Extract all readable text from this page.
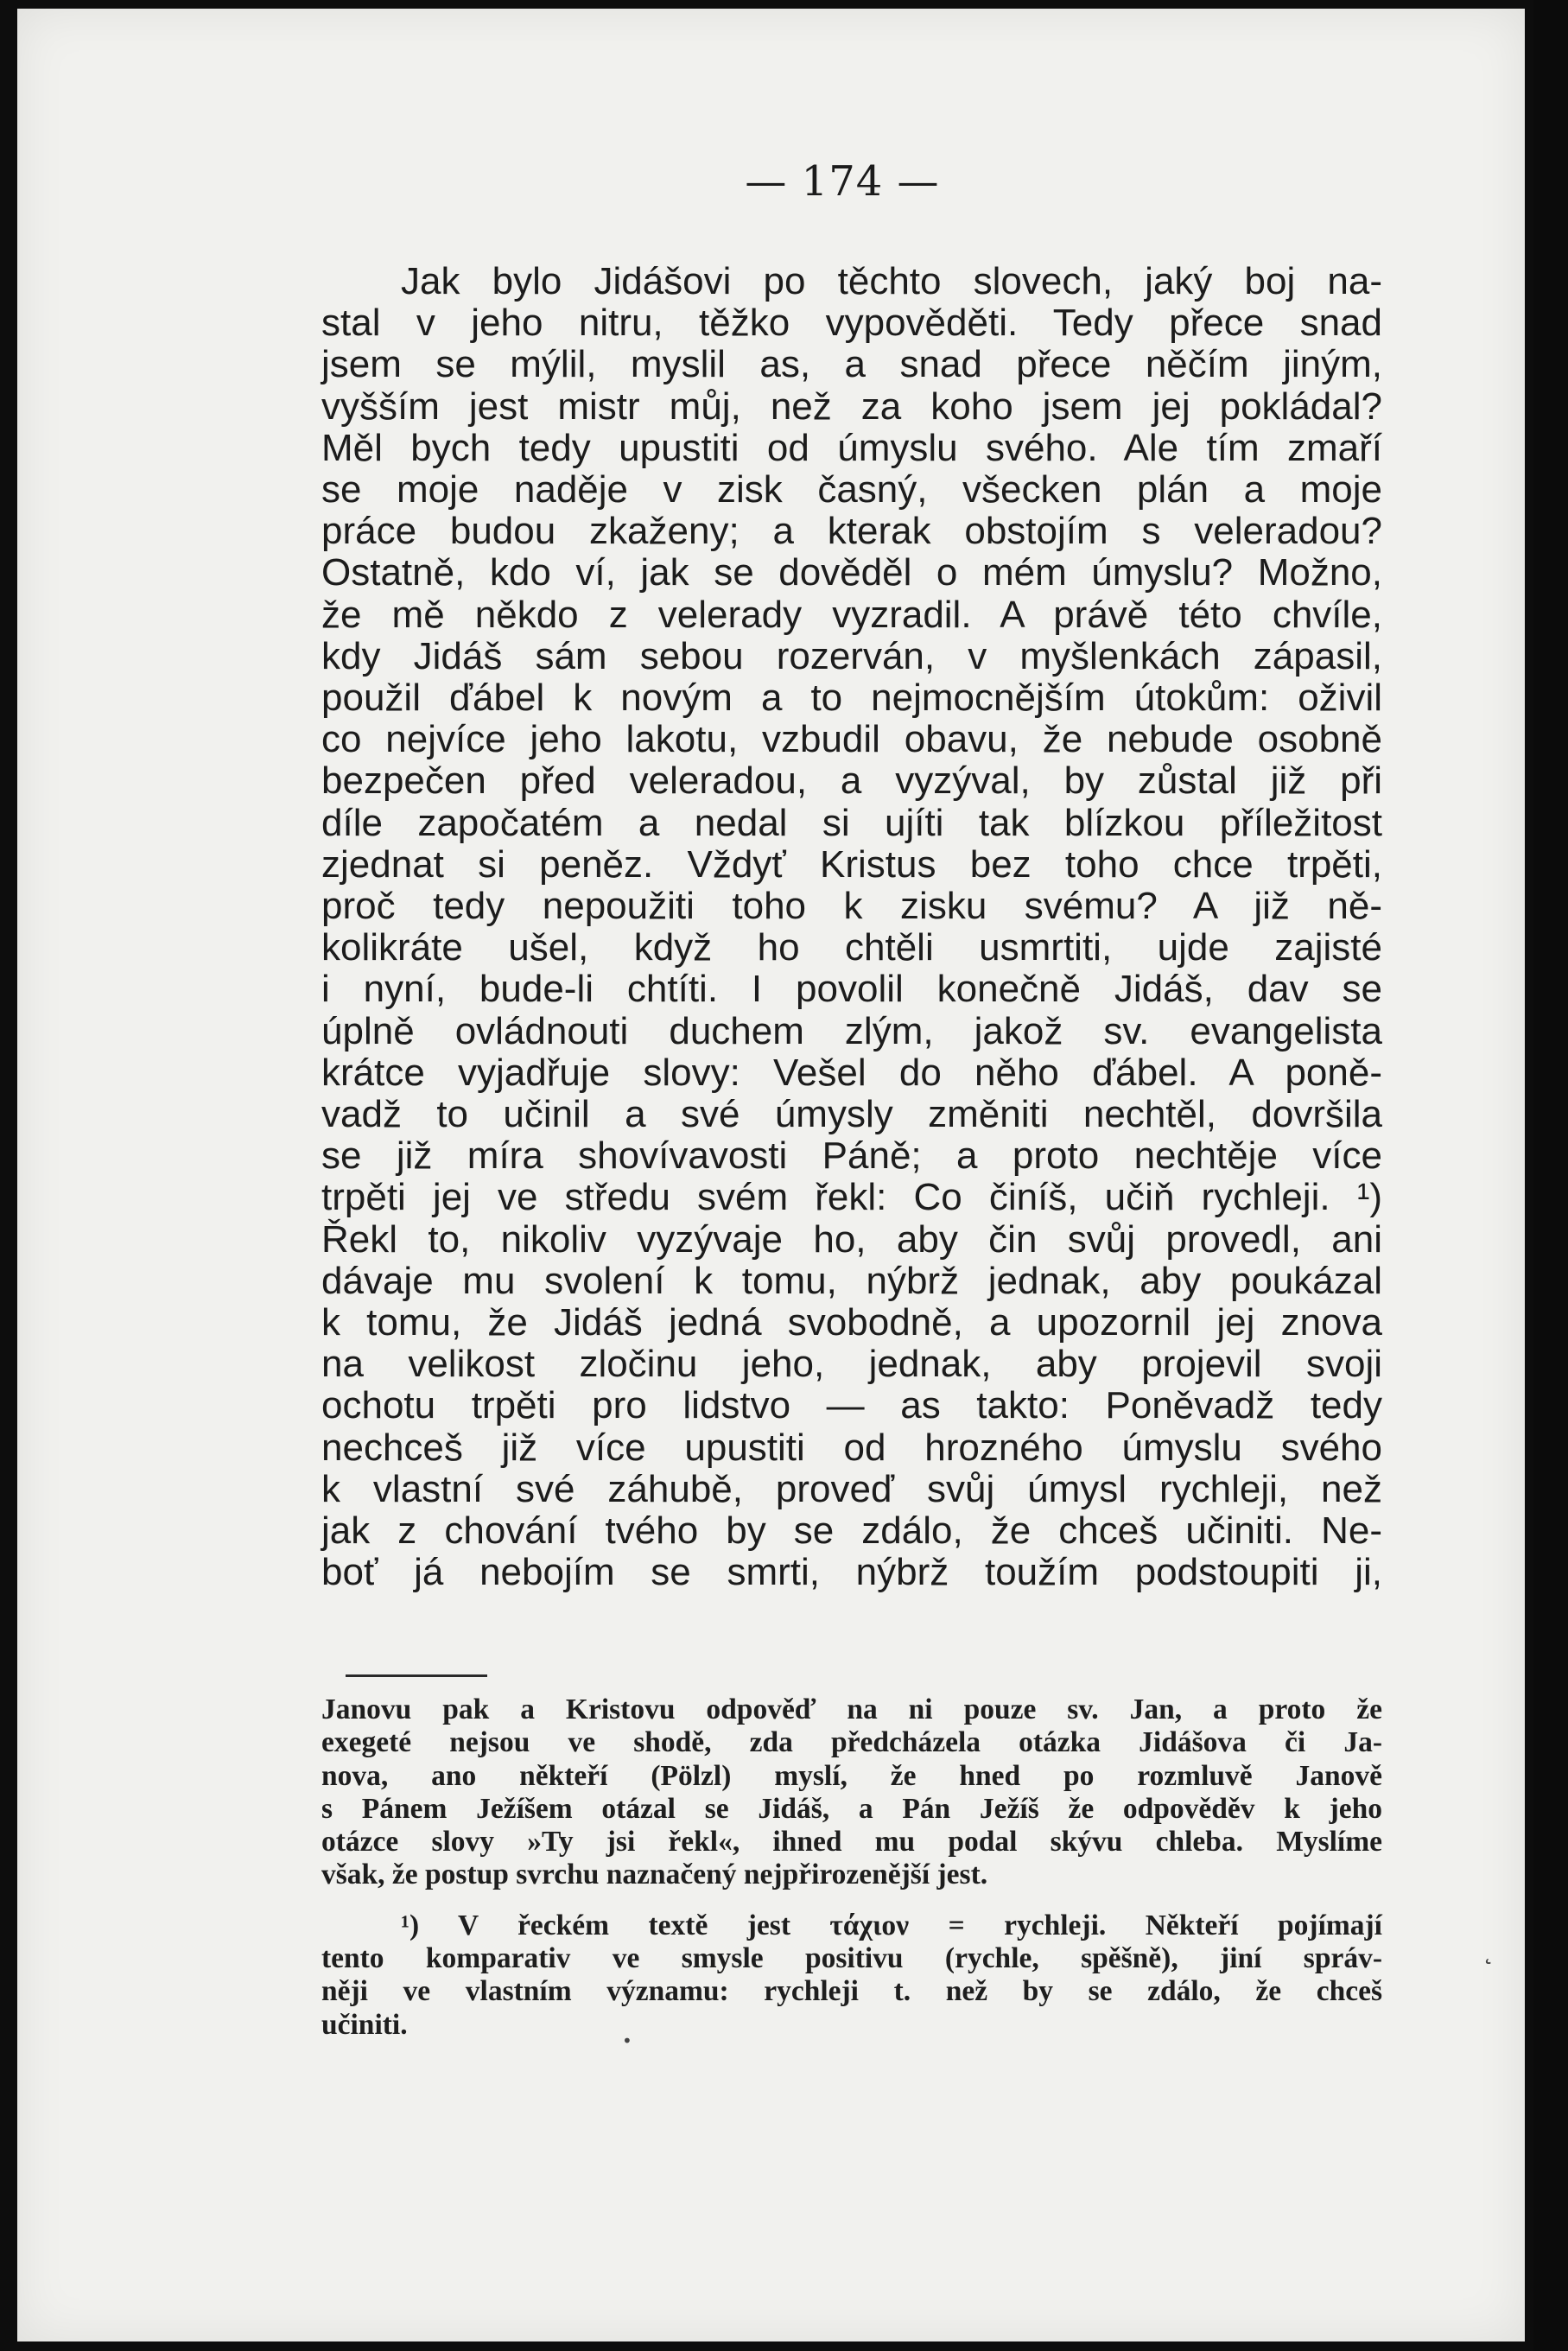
— 174 —
Jak bylo Jidášovi po těchto slovech, jaký boj na-
stal v jeho nitru, těžko vypověděti. Tedy přece snad
jsem se mýlil, myslil as, a snad přece něčím jiným,
vyšším jest mistr můj, než za koho jsem jej pokládal?
Měl bych tedy upustiti od úmyslu svého. Ale tím zmaří
se moje naděje v zisk časný, všecken plán a moje
práce budou zkaženy; a kterak obstojím s veleradou?
Ostatně, kdo ví, jak se dověděl o mém úmyslu? Možno,
že mě někdo z velerady vyzradil. A právě této chvíle,
kdy Jidáš sám sebou rozerván, v myšlenkách zápasil,
použil ďábel k novým a to nejmocnějším útokům: oživil
co nejvíce jeho lakotu, vzbudil obavu, že nebude osobně
bezpečen před veleradou, a vyzýval, by zůstal již při
díle započatém a nedal si ujíti tak blízkou příležitost
zjednat si peněz. Vždyť Kristus bez toho chce trpěti,
proč tedy nepoužiti toho k zisku svému? A již ně-
kolikráte ušel, když ho chtěli usmrtiti, ujde zajisté
i nyní, bude-li chtíti. I povolil konečně Jidáš, dav se
úplně ovládnouti duchem zlým, jakož sv. evangelista
krátce vyjadřuje slovy: Vešel do něho ďábel. A poně-
vadž to učinil a své úmysly změniti nechtěl, dovršila
se již míra shovívavosti Páně; a proto nechtěje více
trpěti jej ve středu svém řekl: Co činíš, učiň rychleji. ¹)
Řekl to, nikoliv vyzývaje ho, aby čin svůj provedl, ani
dávaje mu svolení k tomu, nýbrž jednak, aby poukázal
k tomu, že Jidáš jedná svobodně, a upozornil jej znova
na velikost zločinu jeho, jednak, aby projevil svoji
ochotu trpěti pro lidstvo — as takto: Poněvadž tedy
nechceš již více upustiti od hrozného úmyslu svého
k vlastní své záhubě, proveď svůj úmysl rychleji, než
jak z chování tvého by se zdálo, že chceš učiniti. Ne-
boť já nebojím se smrti, nýbrž toužím podstoupiti ji,
Janovu pak a Kristovu odpověď na ni pouze sv. Jan, a proto že
exegeté nejsou ve shodě, zda předcházela otázka Jidášova či Ja-
nova, ano někteří (Pölzl) myslí, že hned po rozmluvě Janově
s Pánem Ježíšem otázal se Jidáš, a Pán Ježíš že odpověděv k jeho
otázce slovy »Ty jsi řekl«, ihned mu podal skývu chleba. Myslíme
však, že postup svrchu naznačený nejpřirozenější jest.
¹) V řeckém textě jest τάχιον = rychleji. Někteří pojímají
tento komparativ ve smysle positivu (rychle, spěšně), jiní správ-
něji ve vlastním významu: rychleji t. než by se zdálo, že chceš
učiniti.
˛
•
